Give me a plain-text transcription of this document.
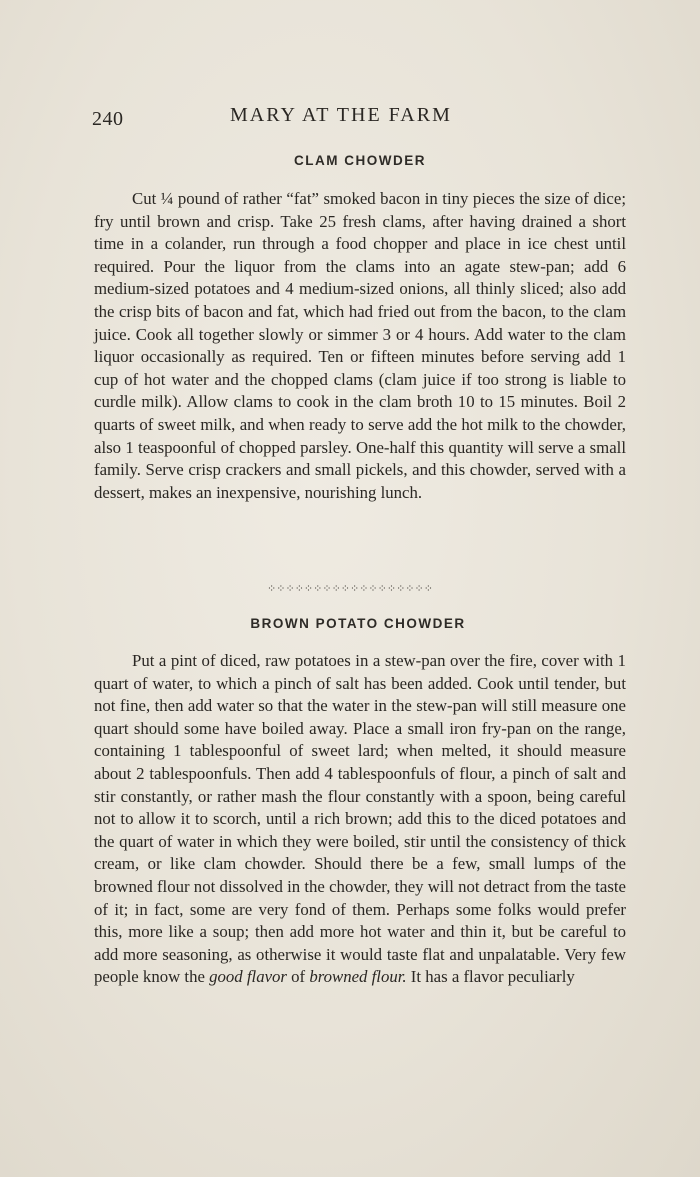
240	MARY AT THE FARM
CLAM CHOWDER
Cut ¼ pound of rather “fat” smoked bacon in tiny pieces the size of dice; fry until brown and crisp. Take 25 fresh clams, after having drained a short time in a colander, run through a food chopper and place in ice chest until required. Pour the liquor from the clams into an agate stew-pan; add 6 medium-sized potatoes and 4 medium-sized onions, all thinly sliced; also add the crisp bits of bacon and fat, which had fried out from the bacon, to the clam juice. Cook all together slowly or simmer 3 or 4 hours. Add water to the clam liquor occasionally as required. Ten or fifteen minutes before serving add 1 cup of hot water and the chopped clams (clam juice if too strong is liable to curdle milk). Allow clams to cook in the clam broth 10 to 15 minutes. Boil 2 quarts of sweet milk, and when ready to serve add the hot milk to the chowder, also 1 teaspoonful of chopped parsley. One-half this quantity will serve a small family. Serve crisp crackers and small pickels, and this chowder, served with a dessert, makes an inexpensive, nourishing lunch.
⁘⁘⁘⁘⁘⁘⁘⁘⁘⁘⁘⁘⁘⁘⁘⁘⁘⁘
BROWN POTATO CHOWDER
Put a pint of diced, raw potatoes in a stew-pan over the fire, cover with 1 quart of water, to which a pinch of salt has been added. Cook until tender, but not fine, then add water so that the water in the stew-pan will still measure one quart should some have boiled away. Place a small iron fry-pan on the range, containing 1 tablespoonful of sweet lard; when melted, it should measure about 2 tablespoonfuls. Then add 4 tablespoonfuls of flour, a pinch of salt and stir constantly, or rather mash the flour constantly with a spoon, being careful not to allow it to scorch, until a rich brown; add this to the diced potatoes and the quart of water in which they were boiled, stir until the consistency of thick cream, or like clam chowder. Should there be a few, small lumps of the browned flour not dissolved in the chowder, they will not detract from the taste of it; in fact, some are very fond of them. Perhaps some folks would prefer this, more like a soup; then add more hot water and thin it, but be careful to add more seasoning, as otherwise it would taste flat and unpalatable. Very few people know the good flavor of browned flour. It has a flavor peculiarly
